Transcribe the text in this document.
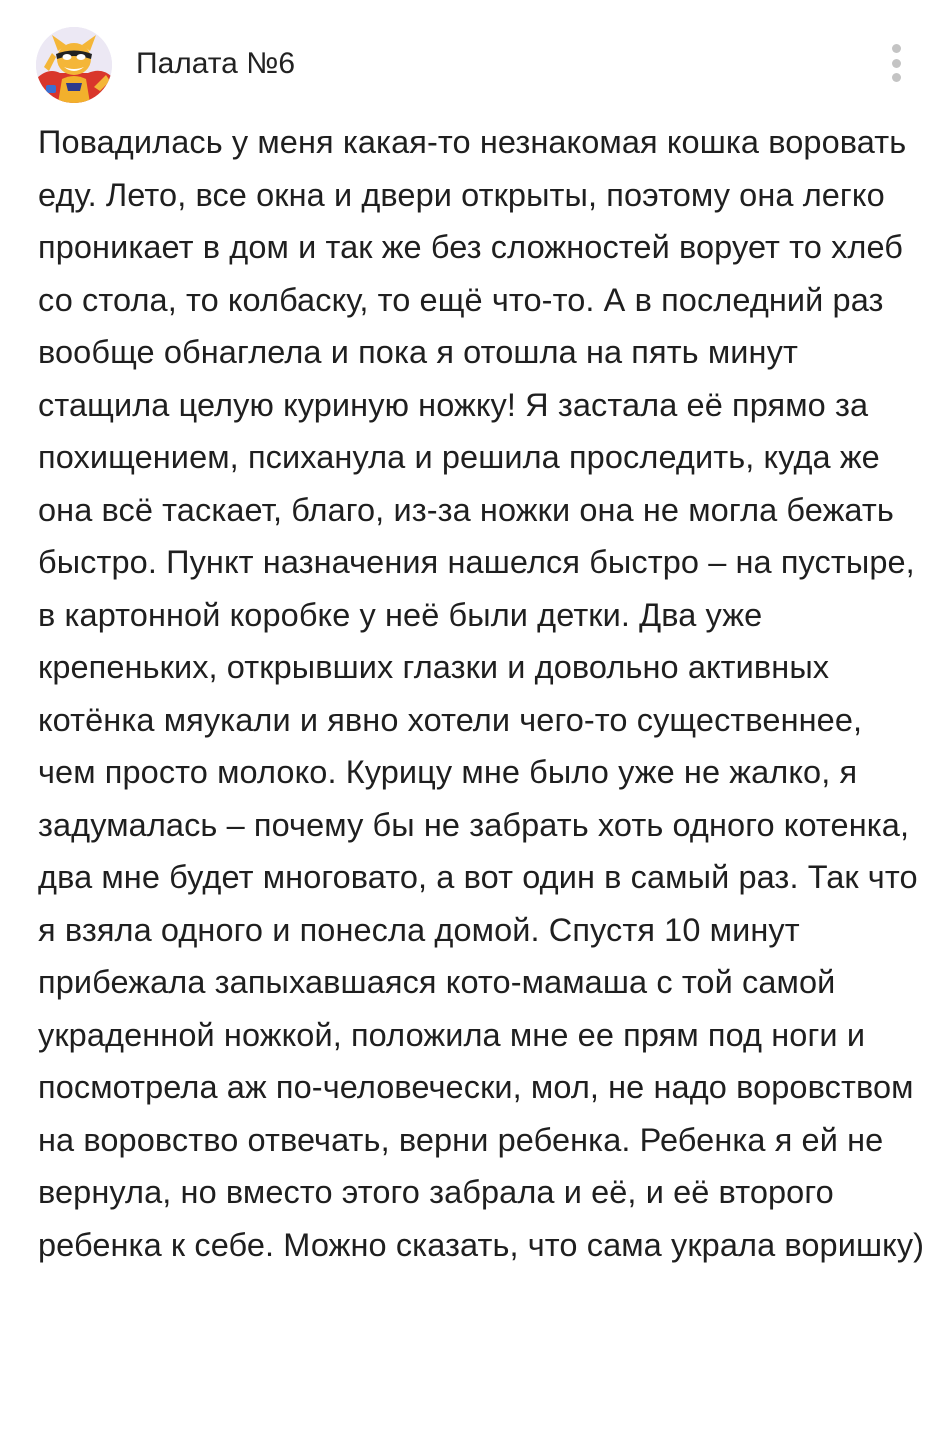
Палата №6

Повадилась у меня какая-то незнакомая кошка воровать еду. Лето, все окна и двери открыты, поэтому она легко проникает в дом и так же без сложностей ворует то хлеб со стола, то колбаску, то ещё что-то. А в последний раз вообще обнаглела и пока я отошла на пять минут стащила целую куриную ножку! Я застала её прямо за похищением, психанула и решила проследить, куда же она всё таскает, благо, из-за ножки она не могла бежать быстро. Пункт назначения нашелся быстро – на пустыре, в картонной коробке у неё были детки. Два уже крепеньких, открывших глазки и довольно активных котёнка мяукали и явно хотели чего-то существеннее, чем просто молоко. Курицу мне было уже не жалко, я задумалась – почему бы не забрать хоть одного котенка, два мне будет многовато, а вот один в самый раз. Так что я взяла одного и понесла домой. Спустя 10 минут прибежала запыхавшаяся кото-мамаша с той самой украденной ножкой, положила мне ее прям под ноги и посмотрела аж по-человечески, мол, не надо воровством на воровство отвечать, верни ребенка. Ребенка я ей не вернула, но вместо этого забрала и её, и её второго ребенка к себе. Можно сказать, что сама украла воришку)
